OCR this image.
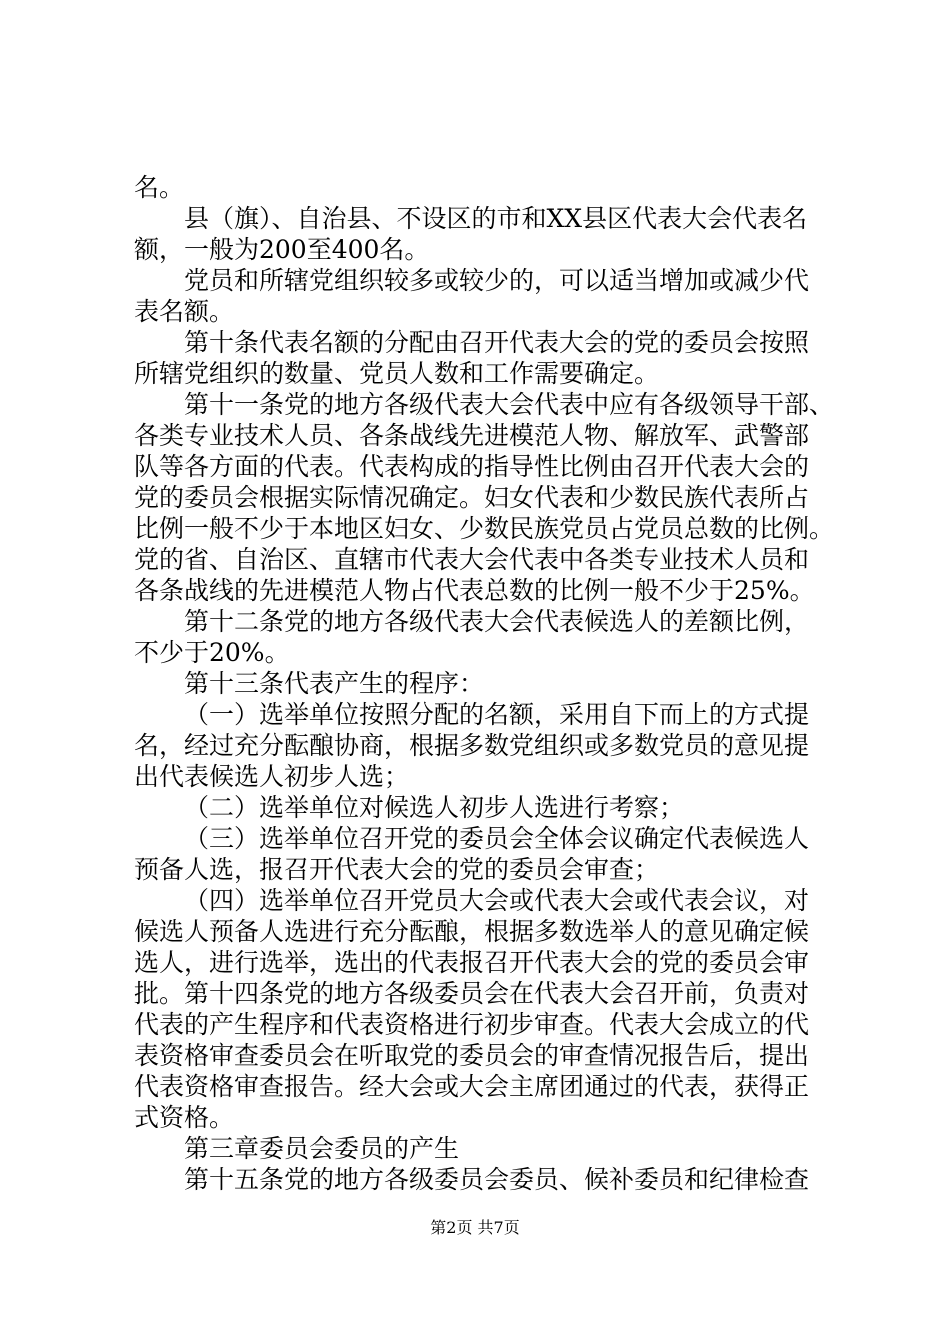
名。
县（旗）、自治县、不设区的市和XX县区代表大会代表名
额，一般为200至400名。
党员和所辖党组织较多或较少的，可以适当增加或减少代
表名额。
第十条代表名额的分配由召开代表大会的党的委员会按照
所辖党组织的数量、党员人数和工作需要确定。
第十一条党的地方各级代表大会代表中应有各级领导干部、
各类专业技术人员、各条战线先进模范人物、解放军、武警部
队等各方面的代表。代表构成的指导性比例由召开代表大会的
党的委员会根据实际情况确定。妇女代表和少数民族代表所占
比例一般不少于本地区妇女、少数民族党员占党员总数的比例。
党的省、自治区、直辖市代表大会代表中各类专业技术人员和
各条战线的先进模范人物占代表总数的比例一般不少于25%。
第十二条党的地方各级代表大会代表候选人的差额比例，
不少于20%。
第十三条代表产生的程序：
（一）选举单位按照分配的名额，采用自下而上的方式提
名，经过充分酝酿协商，根据多数党组织或多数党员的意见提
出代表候选人初步人选；
（二）选举单位对候选人初步人选进行考察；
（三）选举单位召开党的委员会全体会议确定代表候选人
预备人选，报召开代表大会的党的委员会审查；
（四）选举单位召开党员大会或代表大会或代表会议，对
候选人预备人选进行充分酝酿，根据多数选举人的意见确定候
选人，进行选举，选出的代表报召开代表大会的党的委员会审
批。第十四条党的地方各级委员会在代表大会召开前，负责对
代表的产生程序和代表资格进行初步审查。代表大会成立的代
表资格审查委员会在听取党的委员会的审查情况报告后，提出
代表资格审查报告。经大会或大会主席团通过的代表，获得正
式资格。
第三章委员会委员的产生
第十五条党的地方各级委员会委员、候补委员和纪律检查
第2页 共7页
